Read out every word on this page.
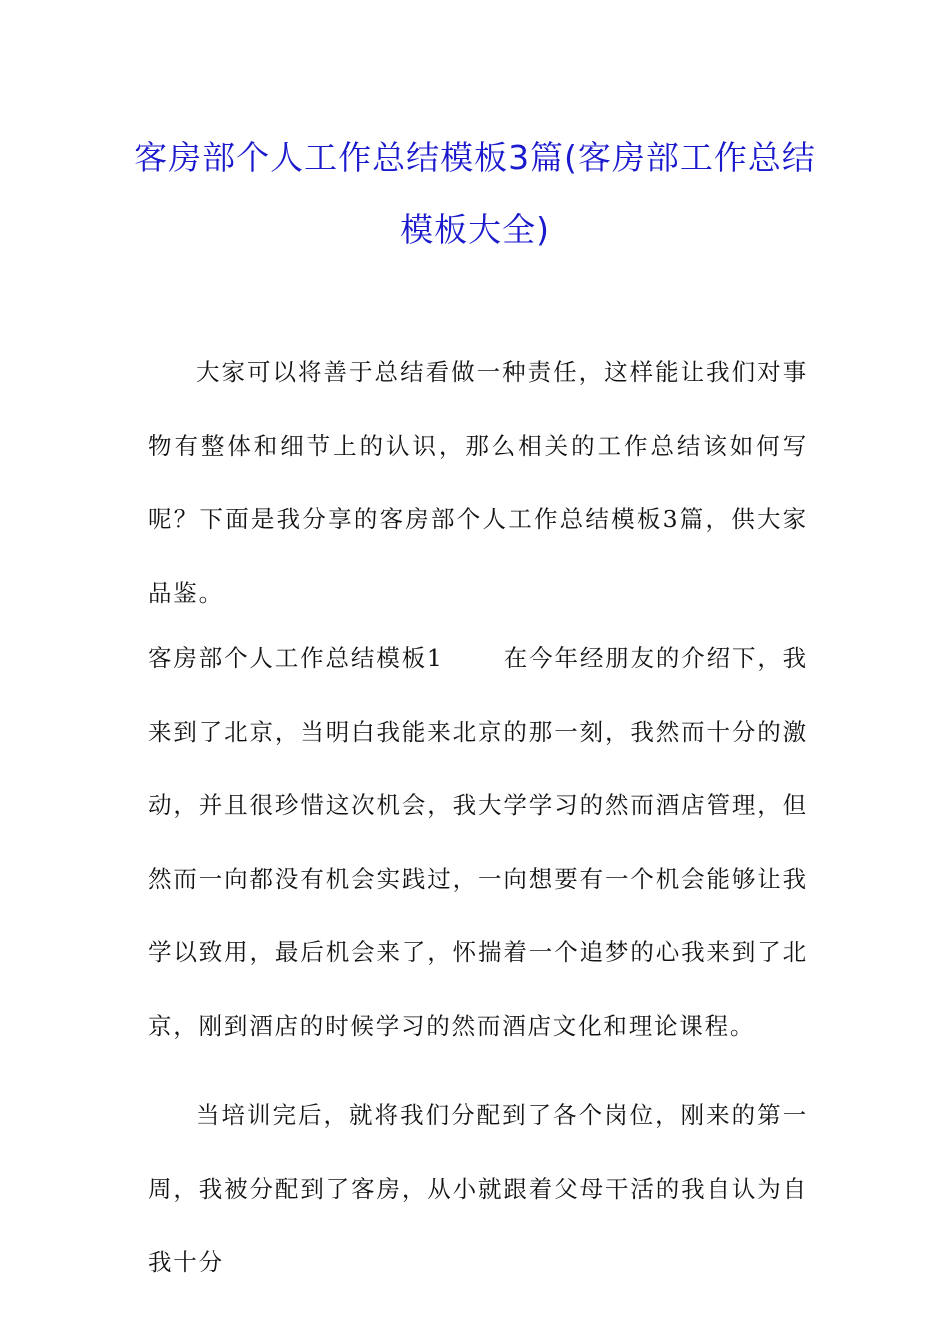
客房部个人工作总结模板3篇(客房部工作总结模板大全)

大家可以将善于总结看做一种责任，这样能让我们对事物有整体和细节上的认识，那么相关的工作总结该如何写呢？下面是我分享的客房部个人工作总结模板3篇，供大家品鉴。

客房部个人工作总结模板1	在今年经朋友的介绍下，我来到了北京，当明白我能来北京的那一刻，我然而十分的激动，并且很珍惜这次机会，我大学学习的然而酒店管理，但然而一向都没有机会实践过，一向想要有一个机会能够让我学以致用，最后机会来了，怀揣着一个追梦的心我来到了北京，刚到酒店的时候学习的然而酒店文化和理论课程。

当培训完后，就将我们分配到了各个岗位，刚来的第一周，我被分配到了客房，从小就跟着父母干活的我自认为自我十分
